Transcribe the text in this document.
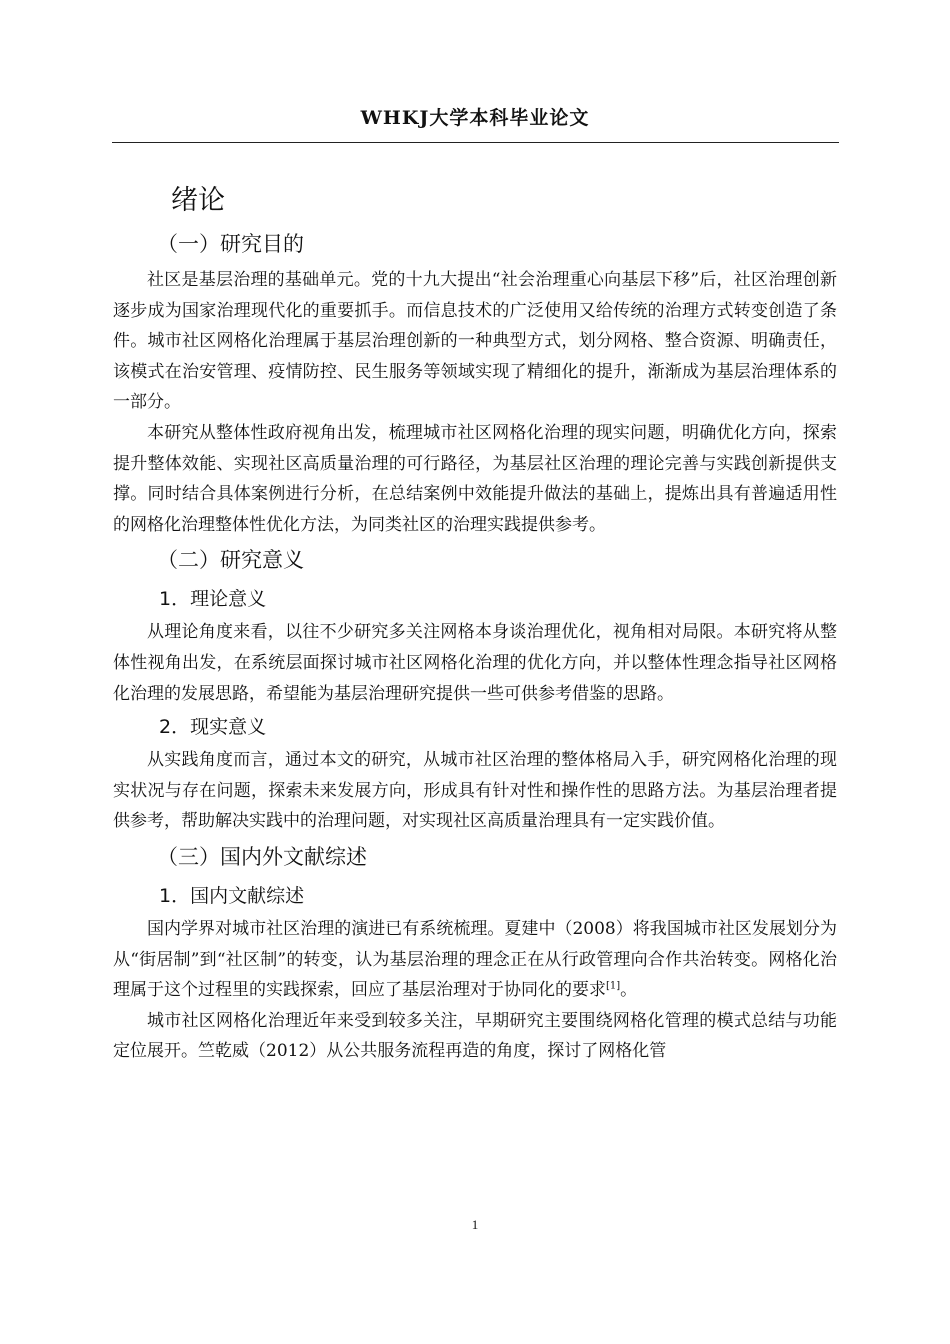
WHKJ大学本科毕业论文
绪论
（一）研究目的

社区是基层治理的基础单元。党的十九大提出“社会治理重心向基层下移”后，社区治理创新逐步成为国家治理现代化的重要抓手。而信息技术的广泛使用又给传统的治理方式转变创造了条件。城市社区网格化治理属于基层治理创新的一种典型方式，划分网格、整合资源、明确责任，该模式在治安管理、疫情防控、民生服务等领域实现了精细化的提升，渐渐成为基层治理体系的一部分。

本研究从整体性政府视角出发，梳理城市社区网格化治理的现实问题，明确优化方向，探索提升整体效能、实现社区高质量治理的可行路径，为基层社区治理的理论完善与实践创新提供支撑。同时结合具体案例进行分析，在总结案例中效能提升做法的基础上，提炼出具有普遍适用性的网格化治理整体性优化方法，为同类社区的治理实践提供参考。

（二）研究意义
1．理论意义

从理论角度来看，以往不少研究多关注网格本身谈治理优化，视角相对局限。本研究将从整体性视角出发，在系统层面探讨城市社区网格化治理的优化方向，并以整体性理念指导社区网格化治理的发展思路，希望能为基层治理研究提供一些可供参考借鉴的思路。

2．现实意义

从实践角度而言，通过本文的研究，从城市社区治理的整体格局入手，研究网格化治理的现实状况与存在问题，探索未来发展方向，形成具有针对性和操作性的思路方法。为基层治理者提供参考，帮助解决实践中的治理问题，对实现社区高质量治理具有一定实践价值。

（三）国内外文献综述
1．国内文献综述

国内学界对城市社区治理的演进已有系统梳理。夏建中（2008）将我国城市社区发展划分为从“街居制”到“社区制”的转变，认为基层治理的理念正在从行政管理向合作共治转变。网格化治理属于这个过程里的实践探索，回应了基层治理对于协同化的要求[1]。

城市社区网格化治理近年来受到较多关注，早期研究主要围绕网格化管理的模式总结与功能定位展开。竺乾威（2012）从公共服务流程再造的角度，探讨了网格化管

1
